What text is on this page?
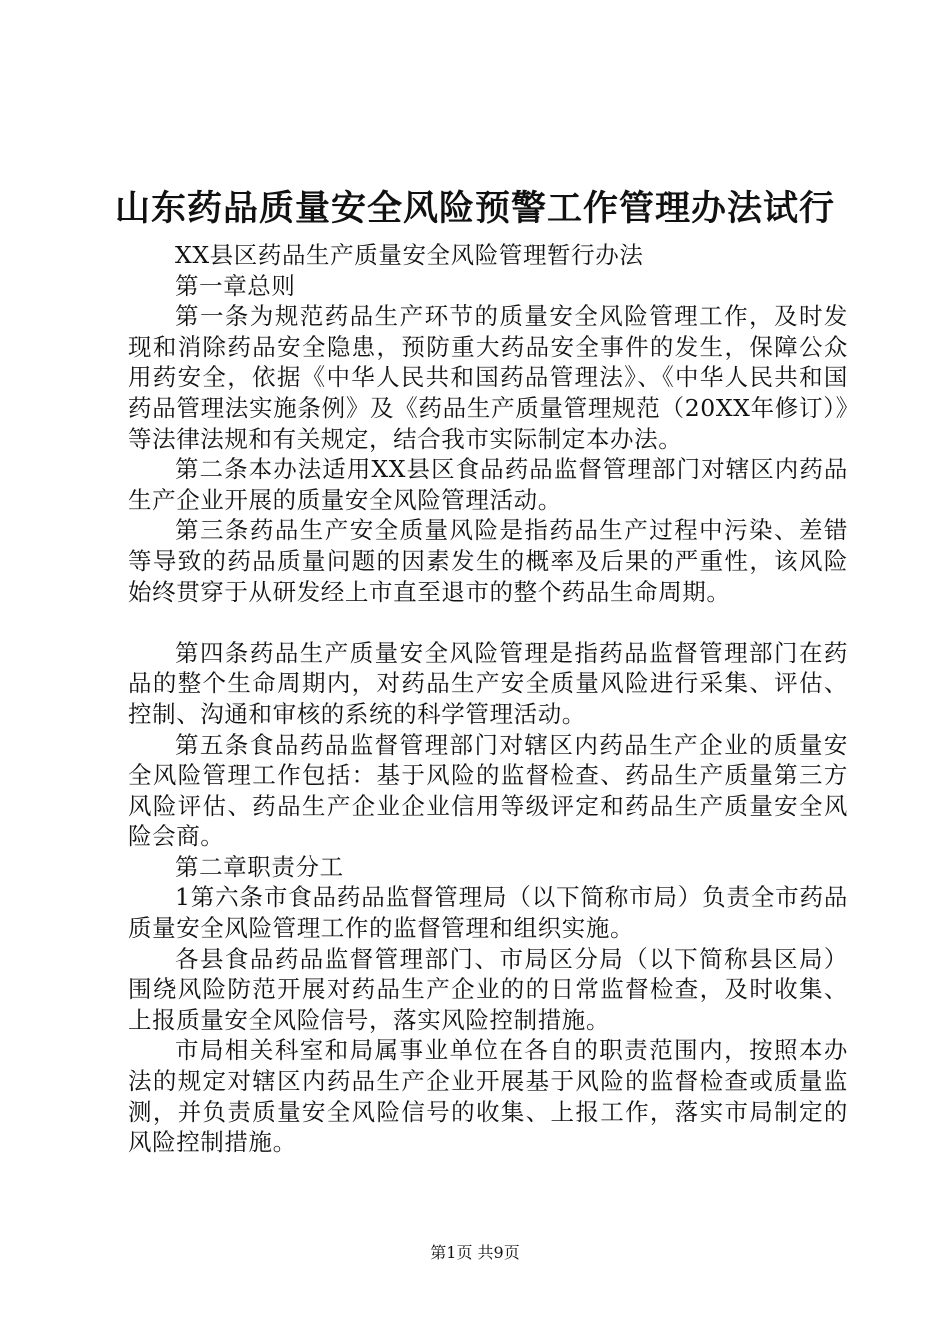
山东药品质量安全风险预警工作管理办法试行

XX县区药品生产质量安全风险管理暂行办法

第一章总则

第一条为规范药品生产环节的质量安全风险管理工作，及时发现和消除药品安全隐患，预防重大药品安全事件的发生，保障公众用药安全，依据《中华人民共和国药品管理法》、《中华人民共和国药品管理法实施条例》及《药品生产质量管理规范（20XX年修订）》等法律法规和有关规定，结合我市实际制定本办法。

第二条本办法适用XX县区食品药品监督管理部门对辖区内药品生产企业开展的质量安全风险管理活动。

第三条药品生产安全质量风险是指药品生产过程中污染、差错等导致的药品质量问题的因素发生的概率及后果的严重性，该风险始终贯穿于从研发经上市直至退市的整个药品生命周期。

第四条药品生产质量安全风险管理是指药品监督管理部门在药品的整个生命周期内，对药品生产安全质量风险进行采集、评估、控制、沟通和审核的系统的科学管理活动。

第五条食品药品监督管理部门对辖区内药品生产企业的质量安全风险管理工作包括：基于风险的监督检查、药品生产质量第三方风险评估、药品生产企业企业信用等级评定和药品生产质量安全风险会商。

第二章职责分工

1第六条市食品药品监督管理局（以下简称市局）负责全市药品质量安全风险管理工作的监督管理和组织实施。

各县食品药品监督管理部门、市局区分局（以下简称县区局）围绕风险防范开展对药品生产企业的的日常监督检查，及时收集、上报质量安全风险信号，落实风险控制措施。

市局相关科室和局属事业单位在各自的职责范围内，按照本办法的规定对辖区内药品生产企业开展基于风险的监督检查或质量监测，并负责质量安全风险信号的收集、上报工作，落实市局制定的风险控制措施。

第1页 共9页
